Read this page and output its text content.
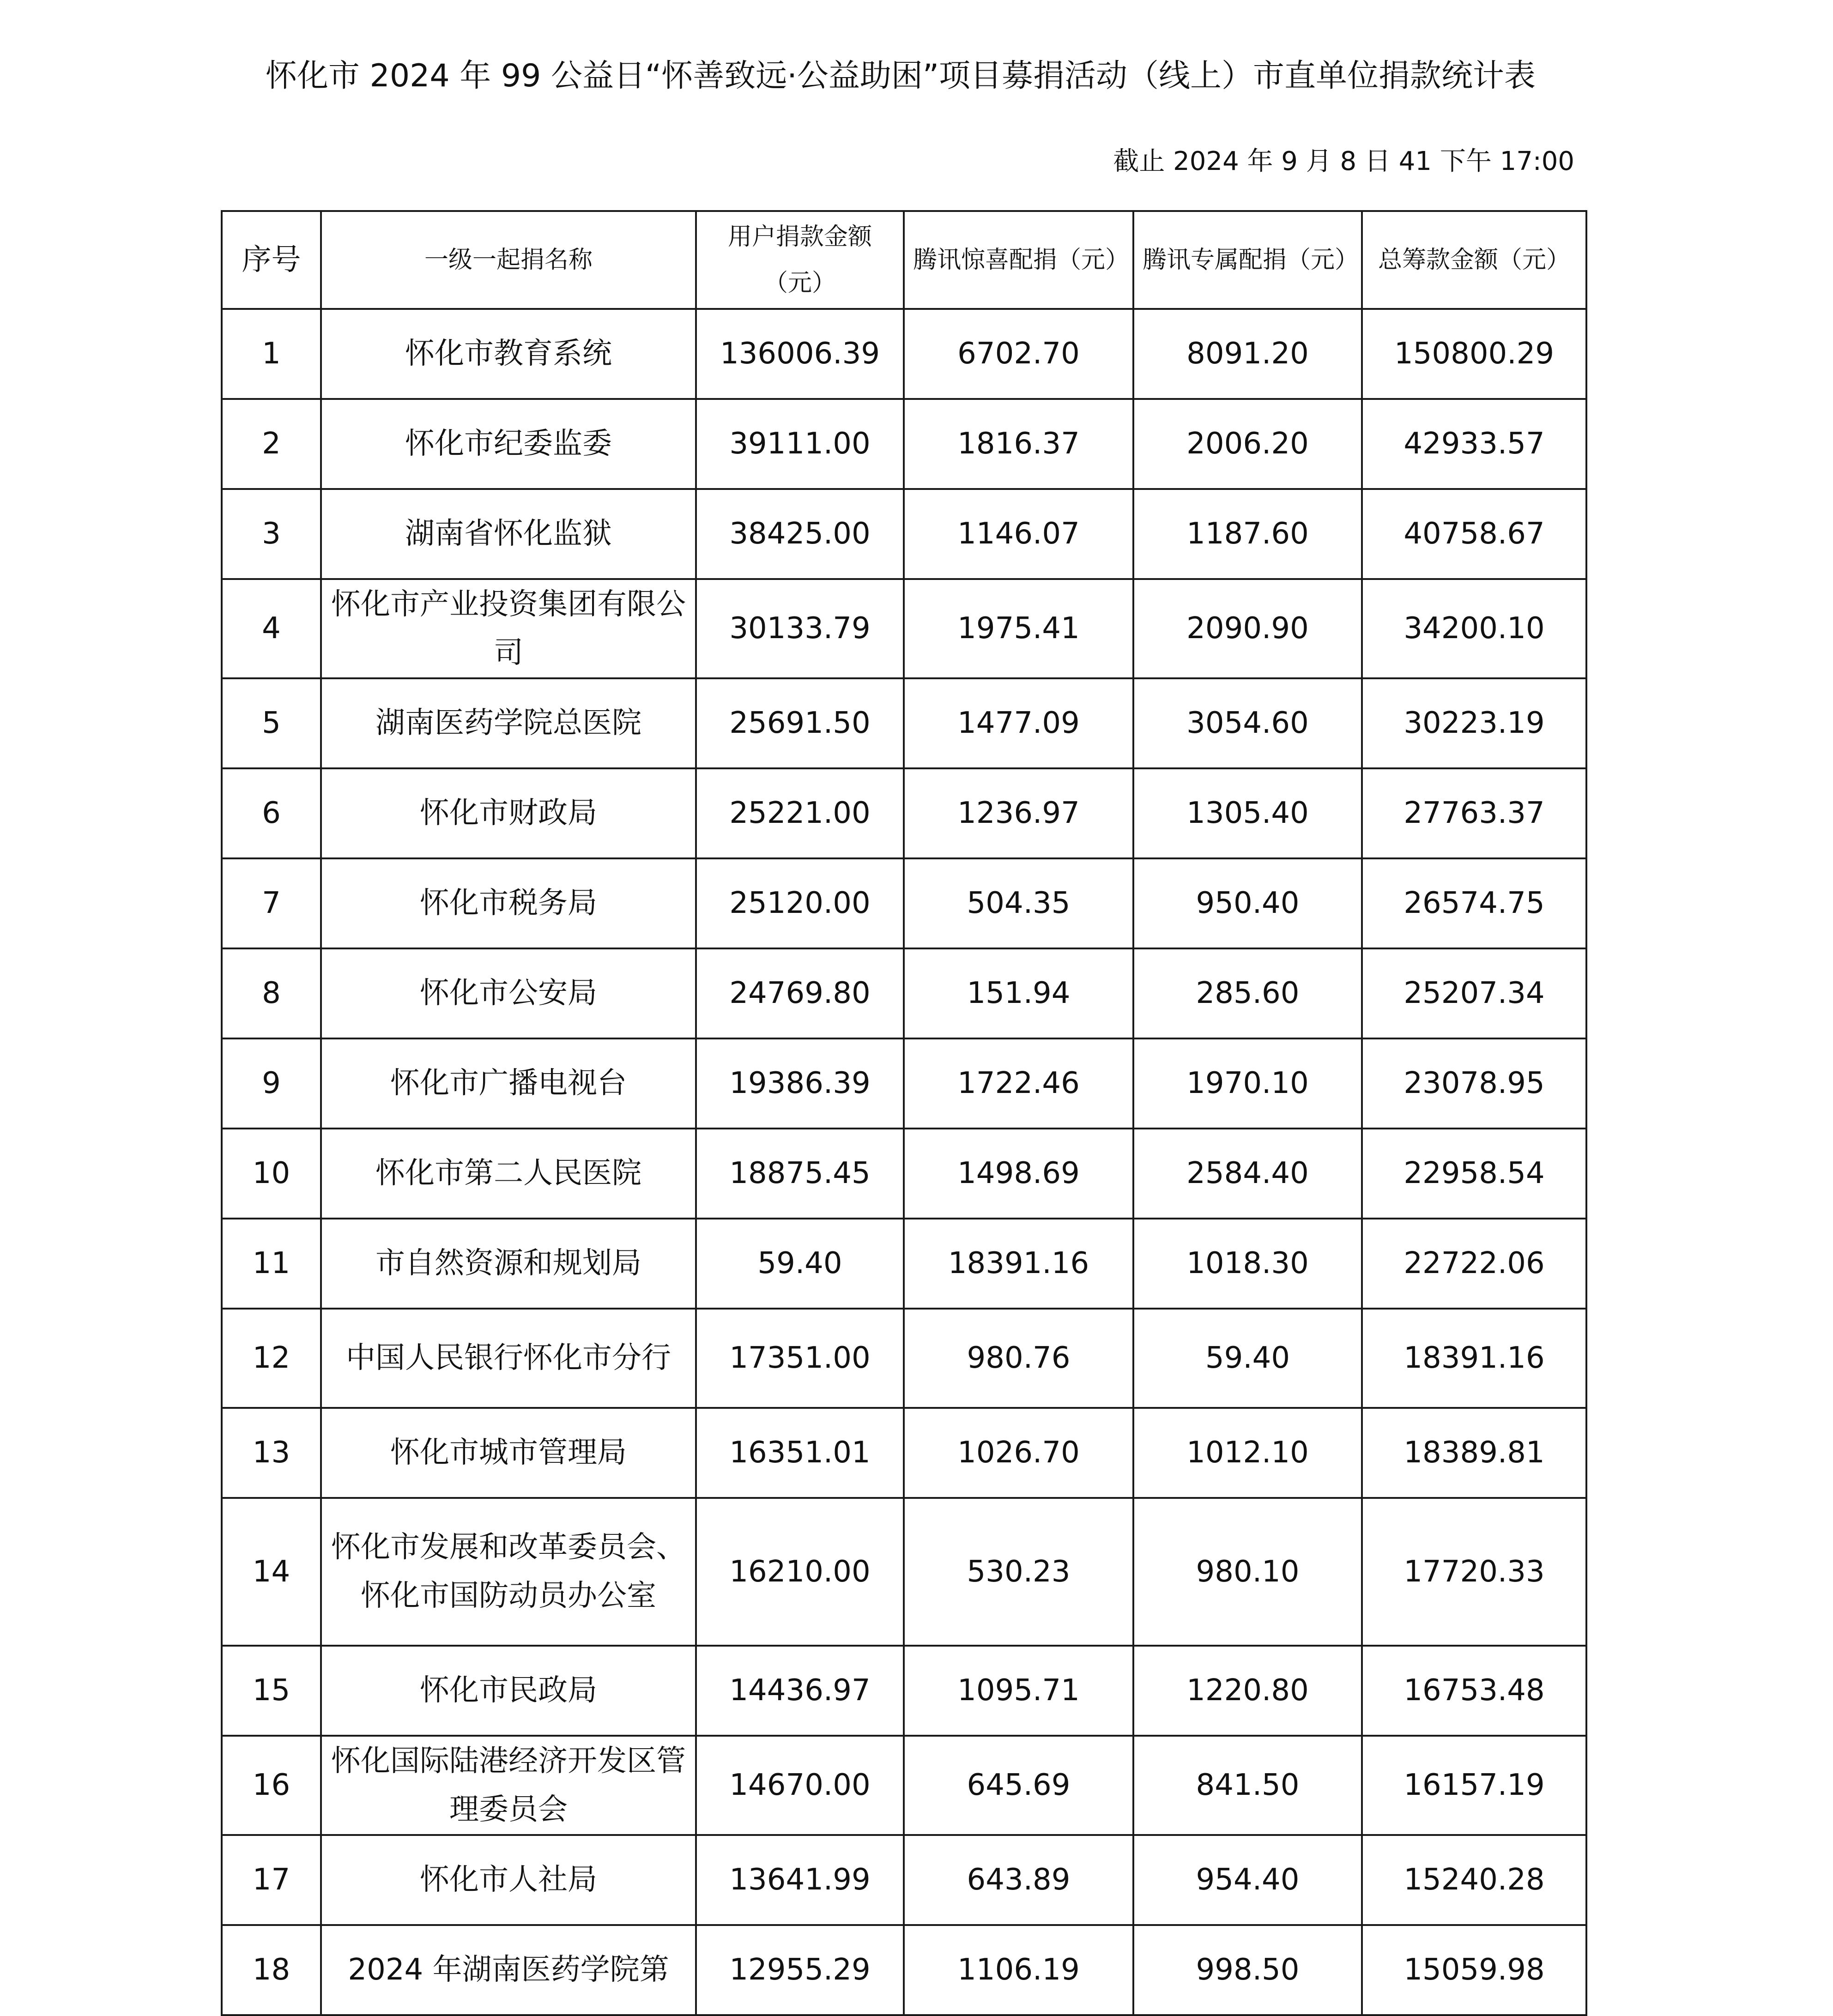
怀化市 2024 年 99 公益日“怀善致远·公益助困”项目募捐活动（线上）市直单位捐款统计表
截止 2024 年 9 月 8 日 41 下午 17:00
序号	一级一起捐名称	用户捐款金额（元）	腾讯惊喜配捐（元）	腾讯专属配捐（元）	总筹款金额（元）
1	怀化市教育系统	136006.39	6702.70	8091.20	150800.29
2	怀化市纪委监委	39111.00	1816.37	2006.20	42933.57
3	湖南省怀化监狱	38425.00	1146.07	1187.60	40758.67
4	怀化市产业投资集团有限公司	30133.79	1975.41	2090.90	34200.10
5	湖南医药学院总医院	25691.50	1477.09	3054.60	30223.19
6	怀化市财政局	25221.00	1236.97	1305.40	27763.37
7	怀化市税务局	25120.00	504.35	950.40	26574.75
8	怀化市公安局	24769.80	151.94	285.60	25207.34
9	怀化市广播电视台	19386.39	1722.46	1970.10	23078.95
10	怀化市第二人民医院	18875.45	1498.69	2584.40	22958.54
11	市自然资源和规划局	59.40	18391.16	1018.30	22722.06
12	中国人民银行怀化市分行	17351.00	980.76	59.40	18391.16
13	怀化市城市管理局	16351.01	1026.70	1012.10	18389.81
14	怀化市发展和改革委员会、怀化市国防动员办公室	16210.00	530.23	980.10	17720.33
15	怀化市民政局	14436.97	1095.71	1220.80	16753.48
16	怀化国际陆港经济开发区管理委员会	14670.00	645.69	841.50	16157.19
17	怀化市人社局	13641.99	643.89	954.40	15240.28
18	2024 年湖南医药学院第	12955.29	1106.19	998.50	15059.98
